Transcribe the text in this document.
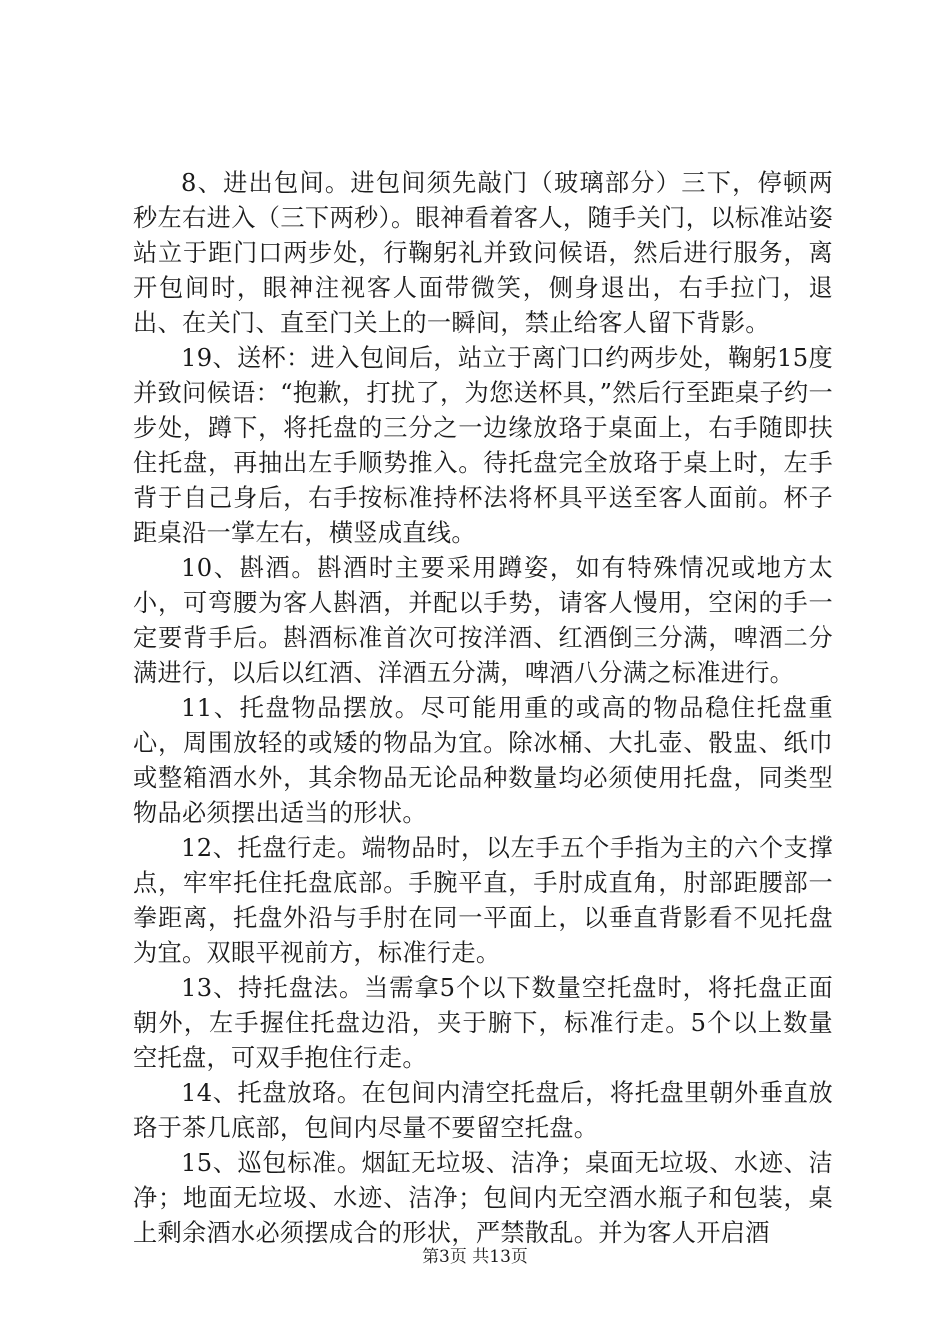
8、进出包间。进包间须先敲门（玻璃部分）三下，停顿两秒左右进入（三下两秒）。眼神看着客人，随手关门，以标准站姿站立于距门口两步处，行鞠躬礼并致问候语，然后进行服务，离开包间时，眼神注视客人面带微笑，侧身退出，右手拉门，退出、在关门、直至门关上的一瞬间，禁止给客人留下背影。

19、送杯：进入包间后，站立于离门口约两步处，鞠躬15度并致问候语：“抱歉，打扰了，为您送杯具，”然后行至距桌子约一步处，蹲下，将托盘的三分之一边缘放珞于桌面上，右手随即扶住托盘，再抽出左手顺势推入。待托盘完全放珞于桌上时，左手背于自己身后，右手按标准持杯法将杯具平送至客人面前。杯子距桌沿一掌左右，横竖成直线。

10、斟酒。斟酒时主要采用蹲姿，如有特殊情况或地方太小，可弯腰为客人斟酒，并配以手势，请客人慢用，空闲的手一定要背手后。斟酒标准首次可按洋酒、红酒倒三分满，啤酒二分满进行，以后以红酒、洋酒五分满，啤酒八分满之标准进行。

11、托盘物品摆放。尽可能用重的或高的物品稳住托盘重心，周围放轻的或矮的物品为宜。除冰桶、大扎壶、骰盅、纸巾或整箱酒水外，其余物品无论品种数量均必须使用托盘，同类型物品必须摆出适当的形状。

12、托盘行走。端物品时，以左手五个手指为主的六个支撑点，牢牢托住托盘底部。手腕平直，手肘成直角，肘部距腰部一拳距离，托盘外沿与手肘在同一平面上，以垂直背影看不见托盘为宜。双眼平视前方，标准行走。

13、持托盘法。当需拿5个以下数量空托盘时，将托盘正面朝外，左手握住托盘边沿，夹于腑下，标准行走。5个以上数量空托盘，可双手抱住行走。

14、托盘放珞。在包间内清空托盘后，将托盘里朝外垂直放珞于茶几底部，包间内尽量不要留空托盘。

15、巡包标准。烟缸无垃圾、洁净；桌面无垃圾、水迹、洁净；地面无垃圾、水迹、洁净；包间内无空酒水瓶子和包装，桌上剩余酒水必须摆成合的形状，严禁散乱。并为客人开启酒

第3页 共13页
